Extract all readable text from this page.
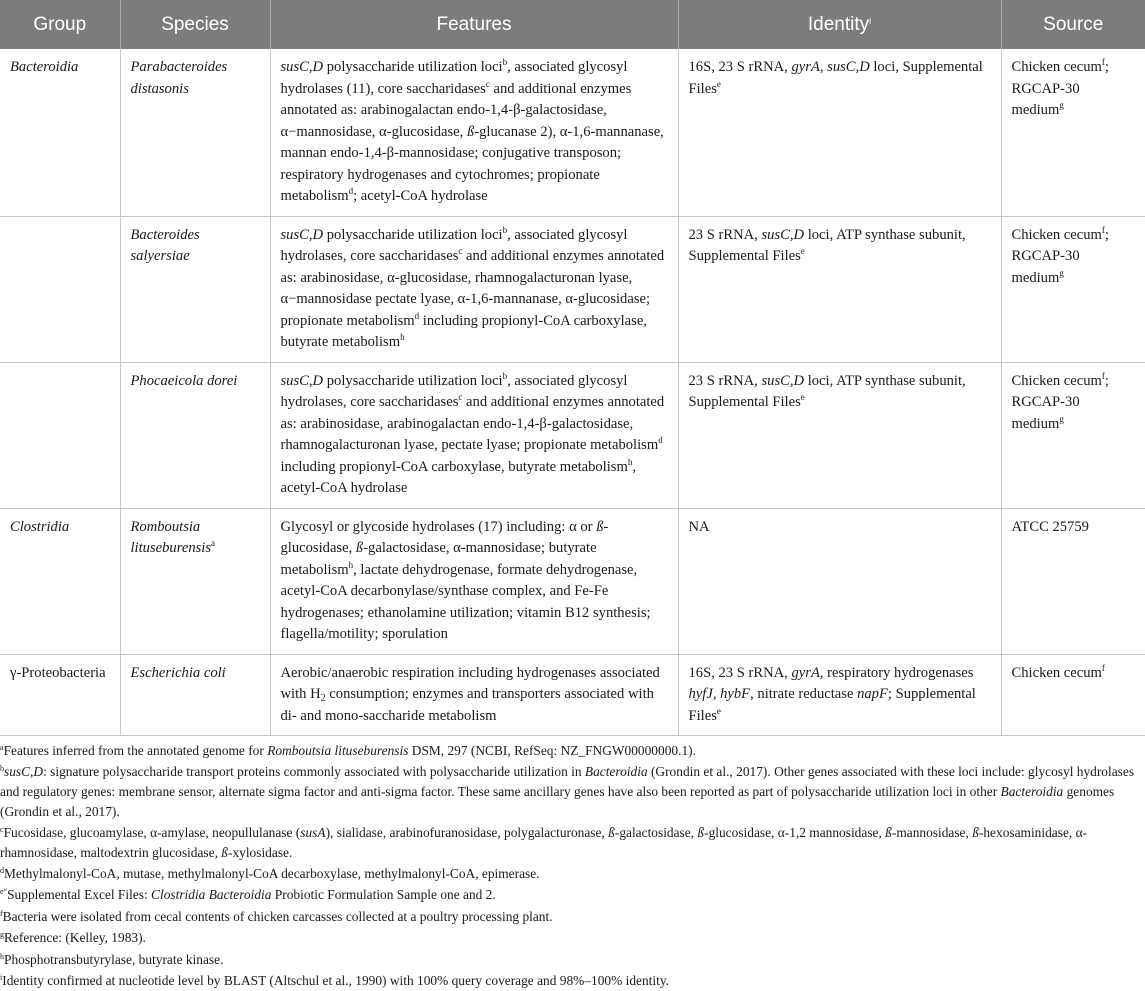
Group	Species	Features	Identity$^i$	Source
Bacteroidia	Parabacteroides distasonis	susC,D polysaccharide utilization loci$^b$, associated glycosyl hydrolases (11), core saccharidases$^c$ and additional enzymes annotated as: arabinogalactan endo-1,4-β-galactosidase, α−mannosidase, α-glucosidase, ß-glucanase 2), α-1,6-mannanase, mannan endo-1,4-β-mannosidase; conjugative transposon; respiratory hydrogenases and cytochromes; propionate metabolism$^d$; acetyl-CoA hydrolase	16S, 23 S rRNA, gyrA, susC,D loci, Supplemental Files$^e$	Chicken cecum$^f$; RGCAP-30 medium$^g$
	Bacteroides salyersiae	susC,D polysaccharide utilization loci$^b$, associated glycosyl hydrolases, core saccharidases$^c$ and additional enzymes annotated as: arabinosidase, α-glucosidase, rhamnogalacturonan lyase, α−mannosidase pectate lyase, α-1,6-mannanase, α-glucosidase; propionate metabolism$^d$ including propionyl-CoA carboxylase, butyrate metabolism$^h$	23 S rRNA, susC,D loci, ATP synthase subunit, Supplemental Files$^e$	Chicken cecum$^f$; RGCAP-30 medium$^g$
	Phocaeicola dorei	susC,D polysaccharide utilization loci$^b$, associated glycosyl hydrolases, core saccharidases$^c$ and additional enzymes annotated as: arabinosidase, arabinogalactan endo-1,4-β-galactosidase, rhamnogalacturonan lyase, pectate lyase; propionate metabolism$^d$ including propionyl-CoA carboxylase, butyrate metabolism$^h$, acetyl-CoA hydrolase	23 S rRNA, susC,D loci, ATP synthase subunit, Supplemental Files$^e$	Chicken cecum$^f$; RGCAP-30 medium$^g$
Clostridia	Romboutsia lituseburensis$^a$	Glycosyl or glycoside hydrolases (17) including: α or ß-glucosidase, ß-galactosidase, α-mannosidase; butyrate metabolism$^h$, lactate dehydrogenase, formate dehydrogenase, acetyl-CoA decarbonylase/synthase complex, and Fe-Fe hydrogenases; ethanolamine utilization; vitamin B12 synthesis; flagella/motility; sporulation	NA	ATCC 25759
γ-Proteobacteria	Escherichia coli	Aerobic/anaerobic respiration including hydrogenases associated with $H_2$ consumption; enzymes and transporters associated with di- and mono-saccharide metabolism	16S, 23 S rRNA, gyrA, respiratory hydrogenases hyfJ, hybF, nitrate reductase napF; Supplemental Files$^e$	Chicken cecum$^f$

$^a$Features inferred from the annotated genome for Romboutsia lituseburensis DSM, 297 (NCBI, RefSeq: NZ_FNGW00000000.1).

$^b$susC,D: signature polysaccharide transport proteins commonly associated with polysaccharide utilization in Bacteroidia (Grondin et al., 2017). Other genes associated with these loci include: glycosyl hydrolases and regulatory genes: membrane sensor, alternate sigma factor and anti-sigma factor. These same ancillary genes have also been reported as part of polysaccharide utilization loci in other Bacteroidia genomes (Grondin et al., 2017).

$^c$Fucosidase, glucoamylase, α-amylase, neopullulanase (susA), sialidase, arabinofuranosidase, polygalacturonase, ß-galactosidase, ß-glucosidase, α-1,2 mannosidase, ß-mannosidase, ß-hexosaminidase, α-rhamnosidase, maltodextrin glucosidase, ß-xylosidase.

$^d$Methylmalonyl-CoA, mutase, methylmalonyl-CoA decarboxylase, methylmalonyl-CoA, epimerase.

$^{e“}$Supplemental Excel Files: Clostridia Bacteroidia Probiotic Formulation Sample one and 2.

$^f$Bacteria were isolated from cecal contents of chicken carcasses collected at a poultry processing plant.

$^g$Reference: (Kelley, 1983).

$^h$Phosphotransbutyrylase, butyrate kinase.

$^i$Identity confirmed at nucleotide level by BLAST (Altschul et al., 1990) with 100% query coverage and 98%–100% identity.
